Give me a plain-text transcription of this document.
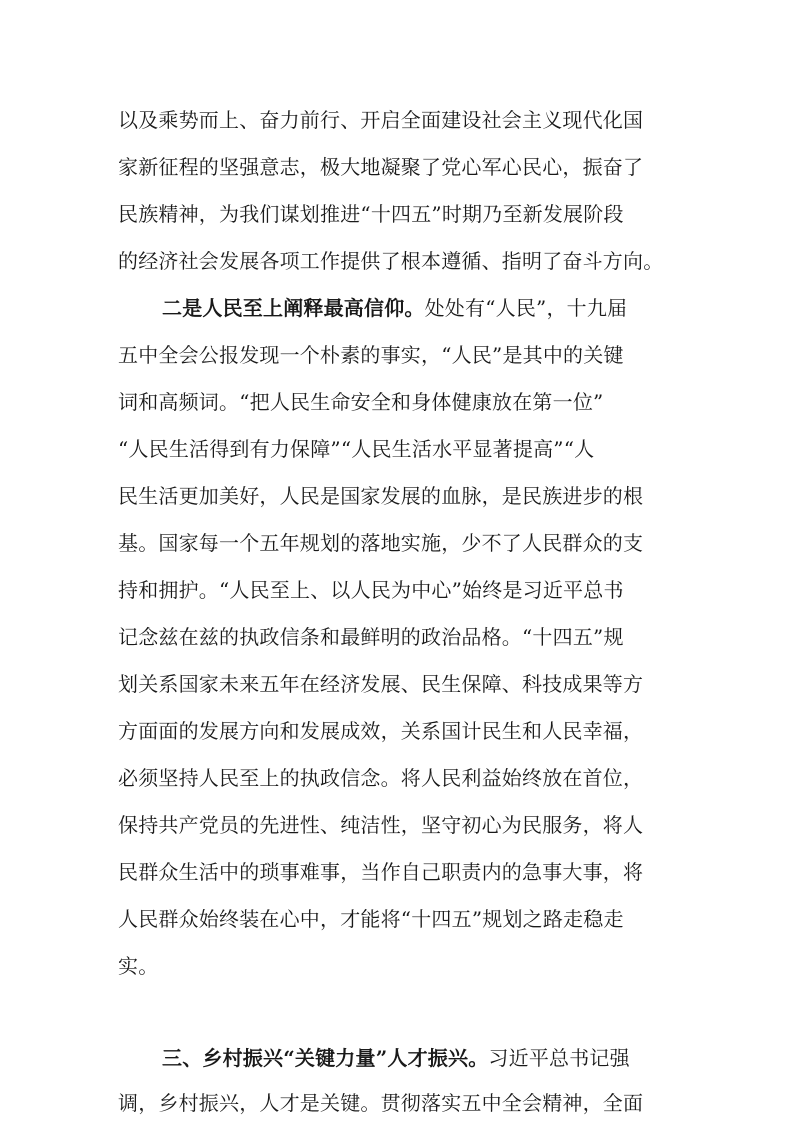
以及乘势而上、奋力前行、开启全面建设社会主义现代化国
家新征程的坚强意志，极大地凝聚了党心军心民心，振奋了
民族精神，为我们谋划推进“十四五”时期乃至新发展阶段
的经济社会发展各项工作提供了根本遵循、指明了奋斗方向。
二是人民至上阐释最高信仰。处处有“人民”，十九届
五中全会公报发现一个朴素的事实，“人民”是其中的关键
词和高频词。“把人民生命安全和身体健康放在第一位”
“人民生活得到有力保障”“人民生活水平显著提高”“人
民生活更加美好，人民是国家发展的血脉，是民族进步的根
基。国家每一个五年规划的落地实施，少不了人民群众的支
持和拥护。“人民至上、以人民为中心”始终是习近平总书
记念兹在兹的执政信条和最鲜明的政治品格。“十四五”规
划关系国家未来五年在经济发展、民生保障、科技成果等方
方面面的发展方向和发展成效，关系国计民生和人民幸福，
必须坚持人民至上的执政信念。将人民利益始终放在首位，
保持共产党员的先进性、纯洁性，坚守初心为民服务，将人
民群众生活中的琐事难事，当作自己职责内的急事大事，将
人民群众始终装在心中，才能将“十四五”规划之路走稳走
实。
三、乡村振兴“关键力量”人才振兴。习近平总书记强
调，乡村振兴，人才是关键。贯彻落实五中全会精神，全面
